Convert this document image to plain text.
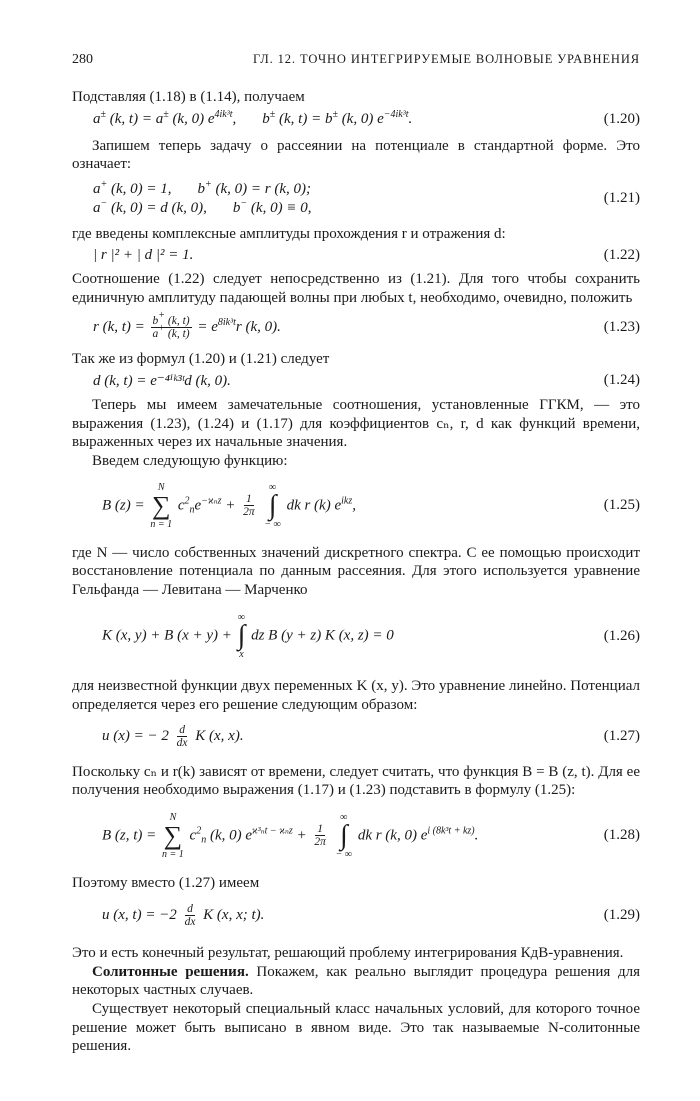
280	ГЛ. 12. ТОЧНО ИНТЕГРИРУЕМЫЕ ВОЛНОВЫЕ УРАВНЕНИЯ

Подставляя (1.18) в (1.14), получаем

a± (k, t) = a± (k, 0) $e^{4ik^3t}$, b± (k, t) = b± (k, 0) $e^{-4ik^3t}$.	(1.20)

Запишем теперь задачу о рассеянии на потенциале в стандартной форме. Это означает:

a+ (k, 0) = 1, b+ (k, 0) = r (k, 0);
a− (k, 0) = d (k, 0), b− (k, 0) ≡ 0,
(1.21)

где введены комплексные амплитуды прохождения r и отражения d:

| r |² + | d |² = 1.	(1.22)

Соотношение (1.22) следует непосредственно из (1.21). Для того чтобы сохранить единичную амплитуду падающей волны при любых t, необходимо, очевидно, положить

r (k, $t) = \frac{b^+ (k, t)}{a^+ (k, t)} = e^{8ik^3t}r$ (k, 0).	(1.23)

Так же из формул (1.20) и (1.21) следует

d (k, t) = e⁻⁴ⁱᵏ³ᵗd (k, 0).	(1.24)

Теперь мы имеем замечательные соотношения, установленные ГГКМ, — это выражения (1.23), (1.24) и (1.17) для коэффициентов cₙ, r, d как функций времени, выраженных через их начальные значения.

Введем следующую функцию:

B (z) =
N
∑
n = 1
$c^2_ne^{-ϰ_nz} + \frac{1}{2\pi}$

∞
∫
− ∞
dk r (k) $e^{ikz}$,	(1.25)

где N — число собственных значений дискретного спектра. С ее помощью происходит восстановление потенциала по данным рассеяния. Для этого используется уравнение Гельфанда — Левитана — Марченко

K (x, y) + B (x + y) +
∞
∫
x
dz B (y + z) K (x, z) = 0	(1.26)

для неизвестной функции двух переменных K (x, y). Это уравнение линейно. Потенциал определяется через его решение следующим образом:

u (x) = − $2 \frac{d}{dx}$ K (x, x).	(1.27)

Поскольку cₙ и r(k) зависят от времени, следует считать, что функция B = B (z, t). Для ее получения необходимо выражения (1.17) и (1.23) подставить в формулу (1.25):

B (z, t) =
N
∑
n = 1
$c^2_n$ (k, 0) $e^{ϰ^3_nt - ϰ_nz} + \frac{1}{2\pi}$

∞
∫
− ∞
dk r (k, 0) $e^{i (8k^3t + kz)}$.	(1.28)

Поэтому вместо (1.27) имеем

u (x, $t) = -2 \frac{d}{dx}$ K (x, x; t).	(1.29)

Это и есть конечный результат, решающий проблему интегрирования КдВ-уравнения.

Солитонные решения. Покажем, как реально выглядит процедура решения для некоторых частных случаев.

Существует некоторый специальный класс начальных условий, для которого точное решение может быть выписано в явном виде. Это так называемые N-солитонные решения.
